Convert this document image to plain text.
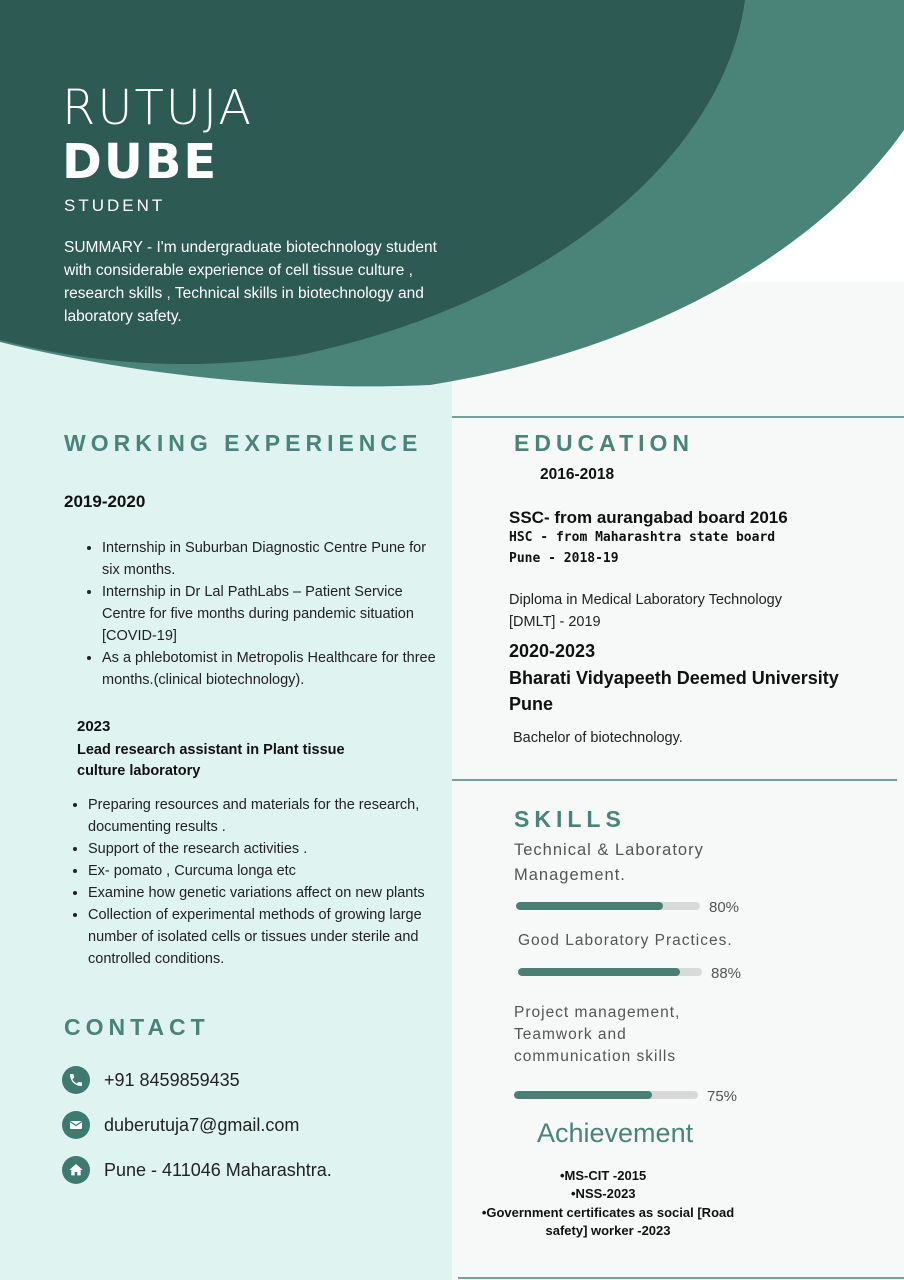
RUTUJA
DUBE
STUDENT
SUMMARY - I'm undergraduate biotechnology student with considerable experience of cell tissue culture , research skills , Technical skills in biotechnology and laboratory safety.
WORKING EXPERIENCE
2019-2020
• Internship in Suburban Diagnostic Centre Pune for six months.
• Internship in Dr Lal PathLabs – Patient Service Centre for five months during pandemic situation [COVID-19]
• As a phlebotomist in Metropolis Healthcare for three months.(clinical biotechnology).
2023
Lead research assistant in Plant tissue culture laboratory
• Preparing resources and materials for the research, documenting results .
• Support of the research activities .
• Ex- pomato , Curcuma longa etc
• Examine how genetic variations affect on new plants
• Collection of experimental methods of growing large number of isolated cells or tissues under sterile and controlled conditions.
CONTACT
+91 8459859435
duberutuja7@gmail.com
Pune - 411046 Maharashtra.
EDUCATION
2016-2018
SSC- from aurangabad board 2016
HSC - from Maharashtra state board
Pune - 2018-19
Diploma in Medical Laboratory Technology [DMLT] - 2019
2020-2023
Bharati Vidyapeeth Deemed University Pune
Bachelor of biotechnology.
SKILLS
Technical & Laboratory Management.
80%
Good Laboratory Practices.
88%
Project management, Teamwork and communication skills
75%
Achievement
•MS-CIT -2015
•NSS-2023
•Government certificates as social [Road safety] worker -2023
